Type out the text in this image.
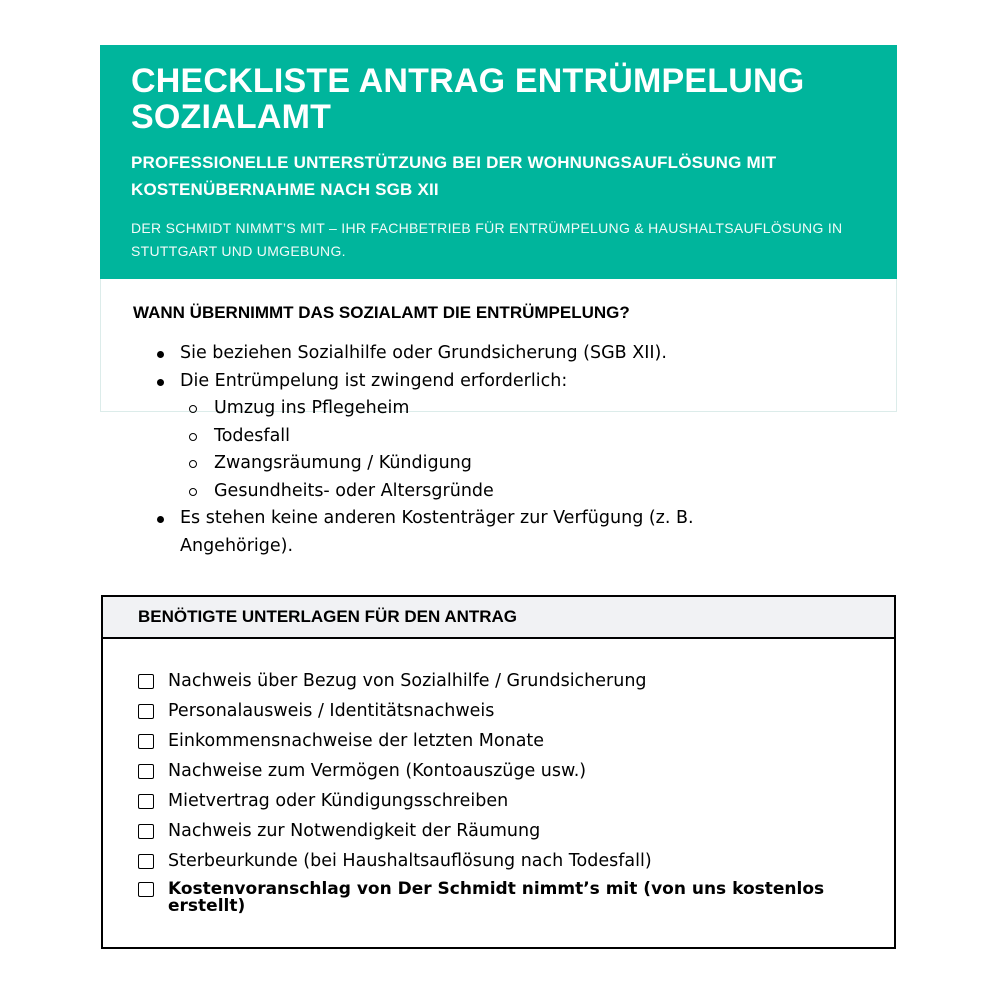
CHECKLISTE ANTRAG ENTRÜMPELUNG SOZIALAMT

PROFESSIONELLE UNTERSTÜTZUNG BEI DER WOHNUNGSAUFLÖSUNG MIT KOSTENÜBERNAHME NACH SGB XII

DER SCHMIDT NIMMT’S MIT – IHR FACHBETRIEB FÜR ENTRÜMPELUNG & HAUSHALTSAUFLÖSUNG IN STUTTGART UND UMGEBUNG.

WANN ÜBERNIMMT DAS SOZIALAMT DIE ENTRÜMPELUNG?
Sie beziehen Sozialhilfe oder Grundsicherung (SGB XII).
Die Entrümpelung ist zwingend erforderlich:
Umzug ins Pflegeheim
Todesfall
Zwangsräumung / Kündigung
Gesundheits- oder Altersgründe
Es stehen keine anderen Kostenträger zur Verfügung (z. B. Angehörige).
BENÖTIGTE UNTERLAGEN FÜR DEN ANTRAG
Nachweis über Bezug von Sozialhilfe / Grundsicherung
Personalausweis / Identitätsnachweis
Einkommensnachweise der letzten Monate
Nachweise zum Vermögen (Kontoauszüge usw.)
Mietvertrag oder Kündigungsschreiben
Nachweis zur Notwendigkeit der Räumung
Sterbeurkunde (bei Haushaltsauflösung nach Todesfall)
Kostenvoranschlag von Der Schmidt nimmt’s mit (von uns kostenlos erstellt)
